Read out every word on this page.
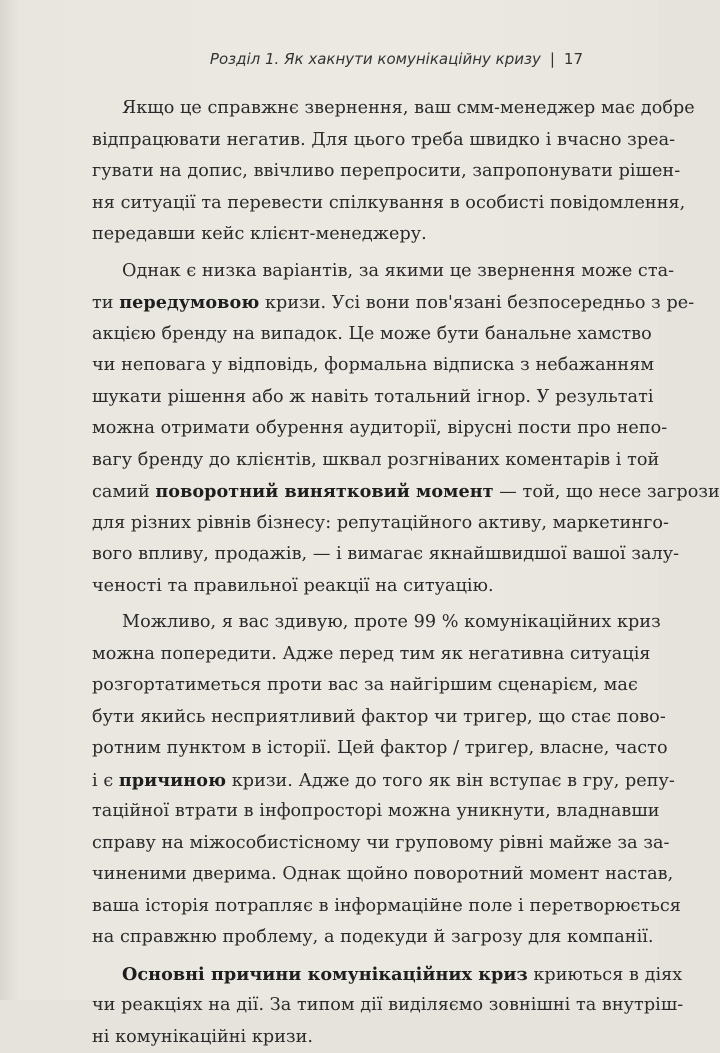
Розділ 1. Як хакнути комунікаційну кризу | 17
Якщо це справжнє звернення, ваш смм-менеджер має добре
відпрацювати негатив. Для цього треба швидко і вчасно зреа-
гувати на допис, ввічливо перепросити, запропонувати рішен-
ня ситуації та перевести спілкування в особисті повідомлення,
передавши кейс клієнт-менеджеру.
Однак є низка варіантів, за якими це звернення може ста-
ти передумовою кризи. Усі вони пов'язані безпосередньо з ре-
акцією бренду на випадок. Це може бути банальне хамство
чи неповага у відповідь, формальна відписка з небажанням
шукати рішення або ж навіть тотальний ігнор. У результаті
можна отримати обурення аудиторії, вірусні пости про непо-
вагу бренду до клієнтів, шквал розгніваних коментарів і той
самий поворотний винятковий момент — той, що несе загрози
для різних рівнів бізнесу: репутаційного активу, маркетинго-
вого впливу, продажів, — і вимагає якнайшвидшої вашої залу-
ченості та правильної реакції на ситуацію.
Можливо, я вас здивую, проте 99 % комунікаційних криз
можна попередити. Адже перед тим як негативна ситуація
розгортатиметься проти вас за найгіршим сценарієм, має
бути якийсь несприятливий фактор чи тригер, що стає пово-
ротним пунктом в історії. Цей фактор / тригер, власне, часто
і є причиною кризи. Адже до того як він вступає в гру, репу-
таційної втрати в інфопросторі можна уникнути, владнавши
справу на міжособистісному чи груповому рівні майже за за-
чиненими дверима. Однак щойно поворотний момент настав,
ваша історія потрапляє в інформаційне поле і перетворюється
на справжню проблему, а подекуди й загрозу для компанії.
Основні причини комунікаційних криз криються в діях
чи реакціях на дії. За типом дії виділяємо зовнішні та внутріш-
ні комунікаційні кризи.
